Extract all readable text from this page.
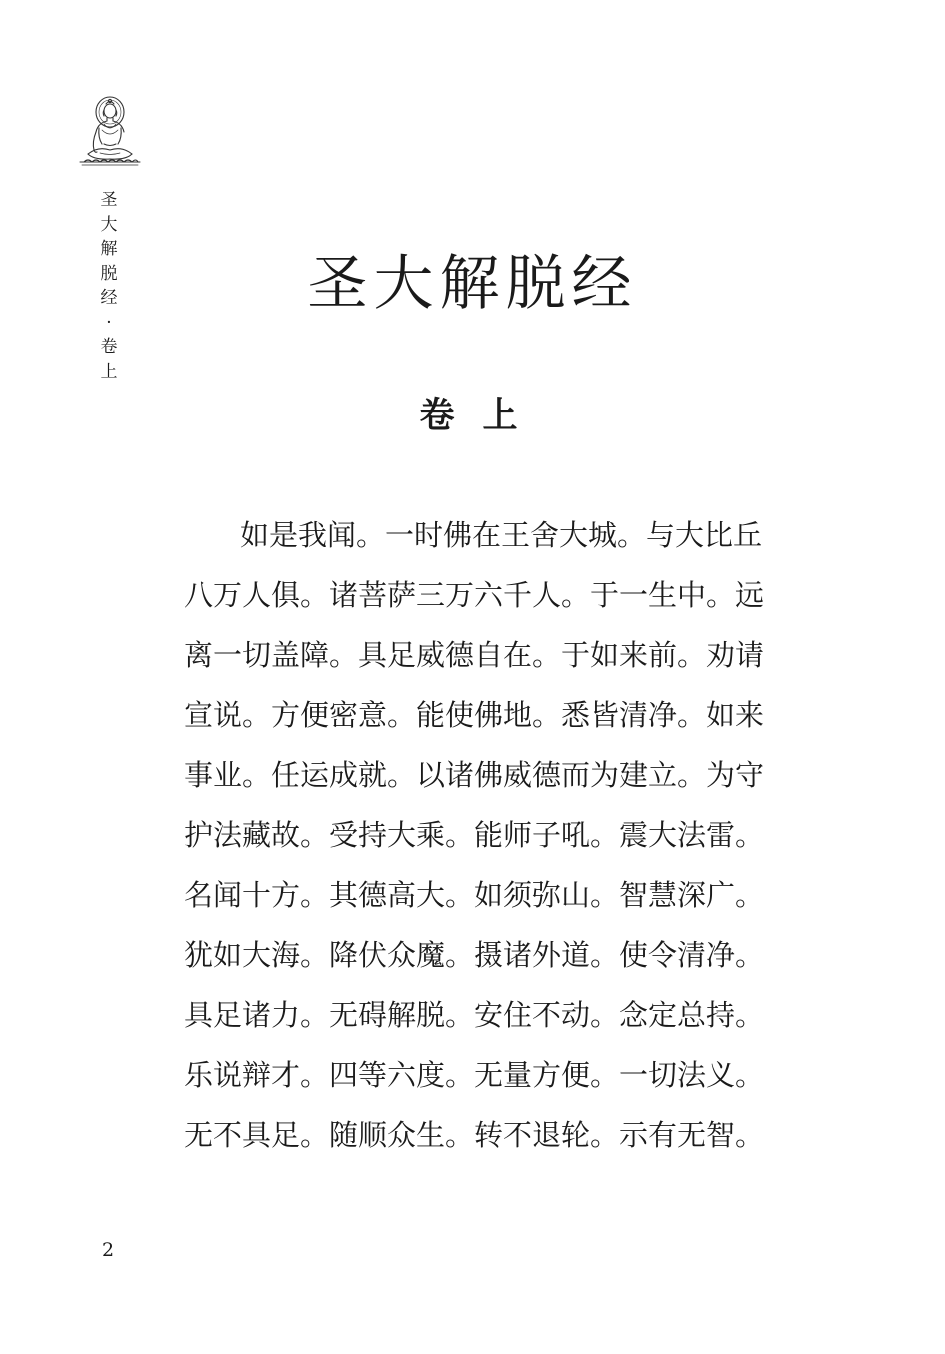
圣
大
解
脱
经
·
卷
上
圣大解脱经
卷上
如是我闻。一时佛在王舍大城。与大比丘
八万人俱。诸菩萨三万六千人。于一生中。远
离一切盖障。具足威德自在。于如来前。劝请
宣说。方便密意。能使佛地。悉皆清净。如来
事业。任运成就。以诸佛威德而为建立。为守
护法藏故。受持大乘。能师子吼。震大法雷。
名闻十方。其德高大。如须弥山。智慧深广。
犹如大海。降伏众魔。摄诸外道。使令清净。
具足诸力。无碍解脱。安住不动。念定总持。
乐说辩才。四等六度。无量方便。一切法义。
无不具足。随顺众生。转不退轮。示有无智。
2
